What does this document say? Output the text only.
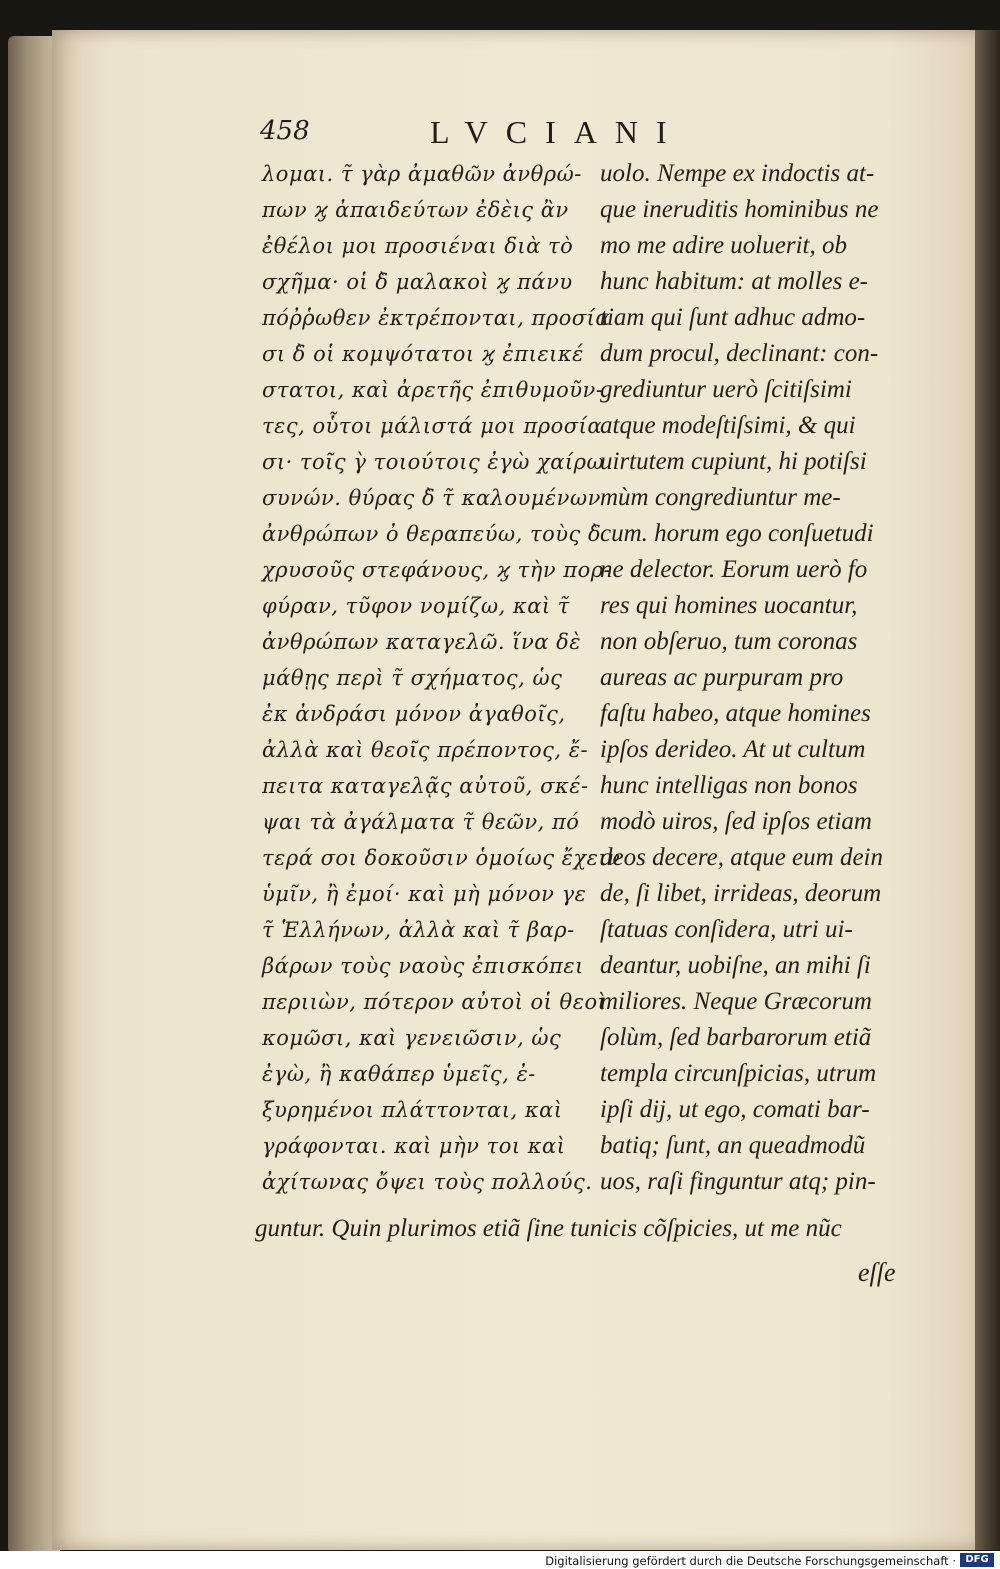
458	LVCIANI
λομαι. τ̃ γὰρ ἀμαθῶν ἀνθρώ-
πων ϗ ἀπαιδεύτων ἐδὲις ἂν
ἐθέλοι μοι προσιέναι διὰ τὸ
σχῆμα· οἱ δ̀ μαλακοὶ ϗ πάνυ
πόῤῥωθεν ἐκτρέπονται, προσία
σι δ̀ οἱ κομψότατοι ϗ ἐπιεικέ
στατοι, καὶ ἀρετῆς ἐπιθυμοῦν-
τες, οὗτοι μάλιστά μοι προσία
σι· τοῖς γ̀ τοιούτοις ἐγὼ χαίρω
συνών. θύρας δ̀ τ̃ καλουμένων
ἀνθρώπων ὀ θεραπεύω, τοὺς δ̀
χρυσοῦς στεφάνους, ϗ τὴν πορ-
φύραν, τῦφον νομίζω, καὶ τ̃
ἀνθρώπων καταγελῶ. ἵνα δὲ
μάθῃς περὶ τ̃ σχήματος, ὡς
ἐκ ἀνδράσι μόνον ἀγαθοῖς,
ἀλλὰ καὶ θεοῖς πρέποντος, ἔ-
πειτα καταγελᾷς αὐτοῦ, σκέ-
ψαι τὰ ἀγάλματα τ̃ θεῶν, πό
τερά σοι δοκοῦσιν ὁμοίως ἔχειν
ὑμῖν, ἢ ἐμοί· καὶ μὴ μόνον γε
τ̃ Ἑλλήνων, ἀλλὰ καὶ τ̃ βαρ-
βάρων τοὺς ναοὺς ἐπισκόπει
περιιὼν, πότερον αὐτοὶ οἱ θεοὶ
κομῶσι, καὶ γενειῶσιν, ὡς
ἐγὼ, ἢ καθάπερ ὑμεῖς, ἐ-
ξυρημένοι πλάττονται, καὶ
γράφονται. καὶ μὴν τοι καὶ
ἀχίτωνας ὄψει τοὺς πολλούς.
uolo. Nempe ex indoctis at-
que ineruditis hominibus ne
mo me adire uoluerit, ob
hunc habitum: at molles e-
tiam qui ſunt adhuc admo-
dum procul, declinant: con-
grediuntur uerò ſcitiſsimi
atque modeſtiſsimi, & qui
uirtutem cupiunt, hi potiſsi
mùm congrediuntur me-
cum. horum ego conſuetudi
ne delector. Eorum uerò fo
res qui homines uocantur,
non obſeruo, tum coronas
aureas ac purpuram pro
faſtu habeo, atque homines
ipſos derideo. At ut cultum
hunc intelligas non bonos
modò uiros, ſed ipſos etiam
deos decere, atque eum dein
de, ſi libet, irrideas, deorum
ſtatuas conſidera, utri ui-
deantur, uobiſne, an mihi ſi
miliores. Neque Græcorum
ſolùm, ſed barbarorum etiã
templa circunſpicias, utrum
ipſi dij, ut ego, comati bar-
batiq; ſunt, an queadmodũ
uos, raſi finguntur atq; pin-
guntur. Quin plurimos etiã ſine tunicis cõſpicies, ut me nũc
eſſe
Digitalisierung gefördert durch die Deutsche Forschungsgemeinschaft · DFG
